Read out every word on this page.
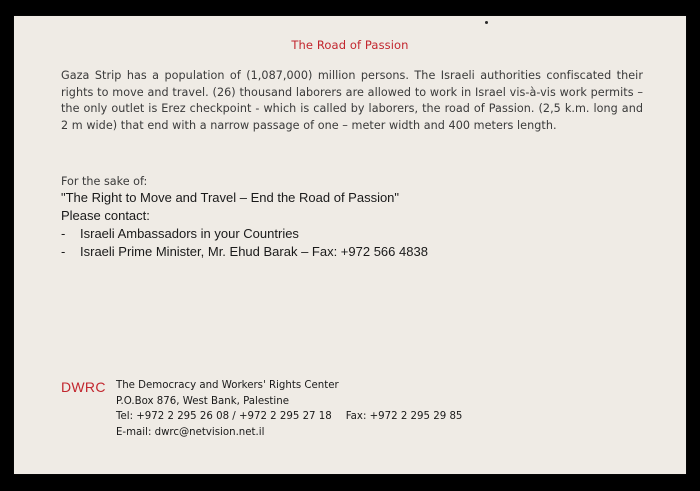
The Road of Passion
Gaza Strip has a population of (1,087,000) million persons. The Israeli authorities confiscated their rights to move and travel. (26) thousand laborers are allowed to work in Israel vis-à-vis work permits – the only outlet is Erez checkpoint - which is called by laborers, the road of Passion. (2,5 k.m. long and 2 m wide) that end with a narrow passage of one – meter width and 400 meters length.
For the sake of:
"The Right to Move and Travel – End the Road of Passion"
Please contact:
-	Israeli Ambassadors in your Countries
-	Israeli Prime Minister, Mr. Ehud Barak – Fax: +972 566 4838
DWRC The Democracy and Workers' Rights Center
P.O.Box 876, West Bank, Palestine
Tel: +972 2 295 26 08 / +972 2 295 27 18 Fax: +972 2 295 29 85
E-mail: dwrc@netvision.net.il
